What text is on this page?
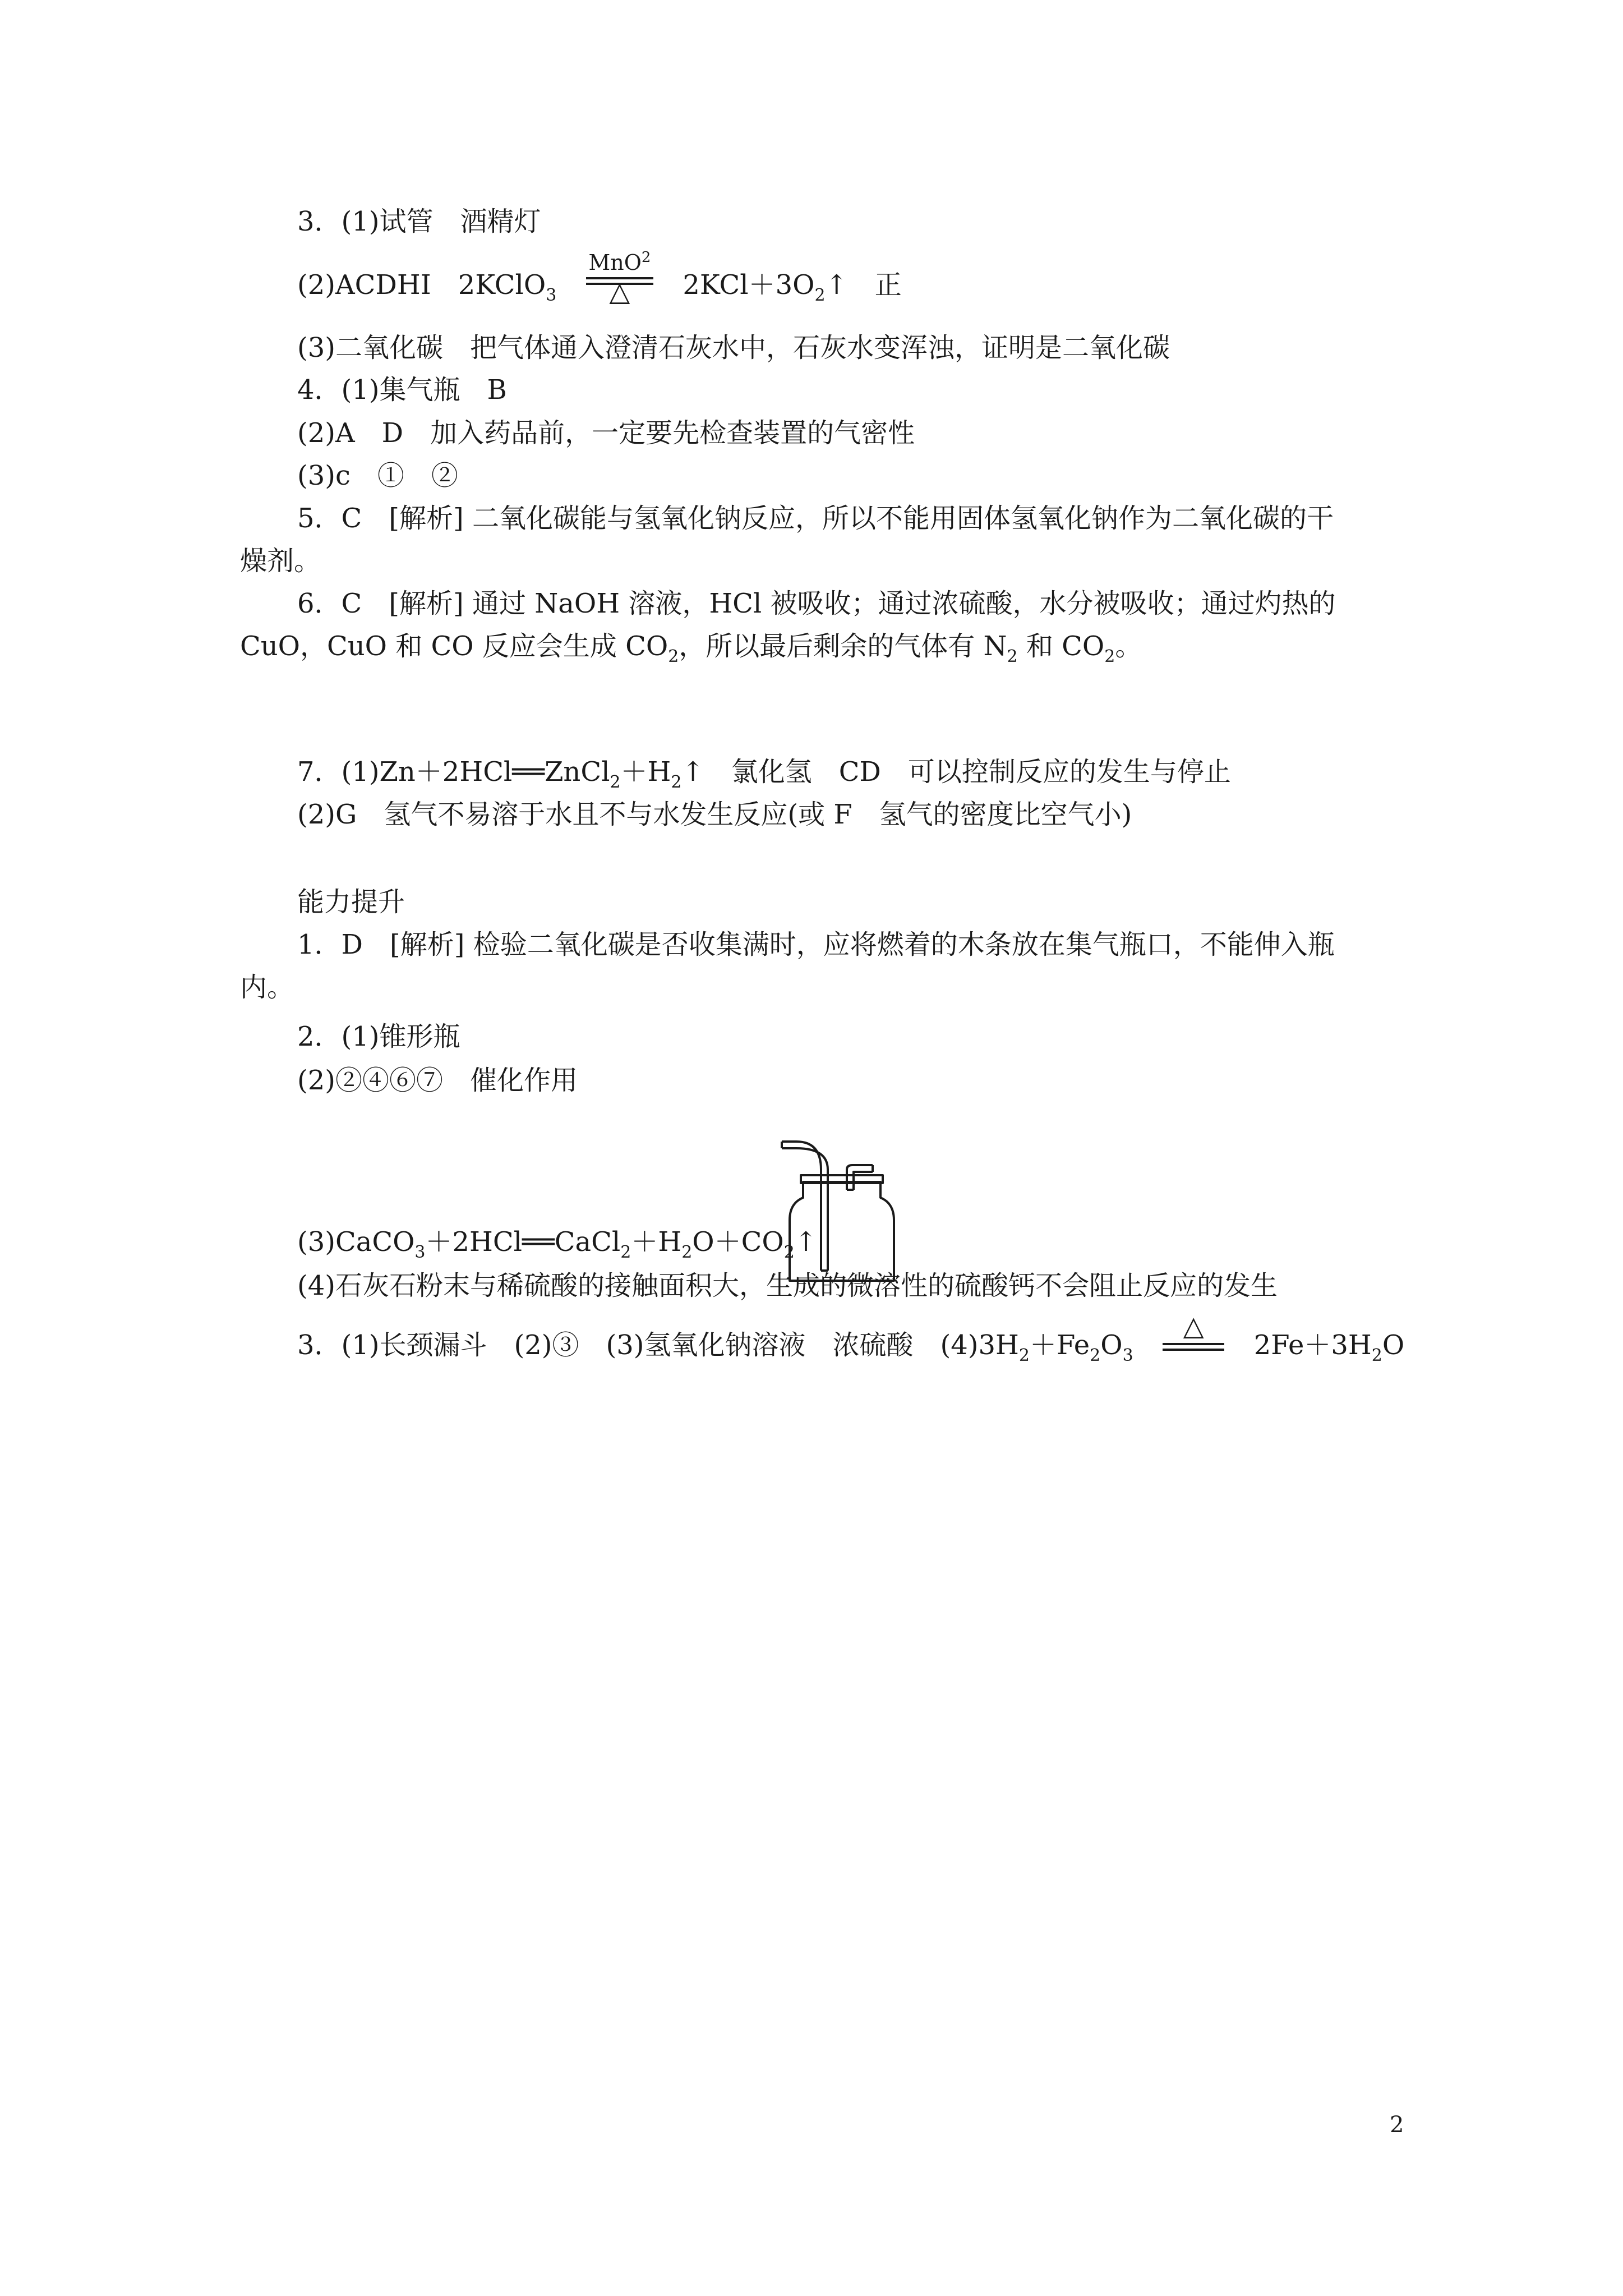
3．(1)试管　酒精灯
(2)ACDHI　2KClO$_3$
MnO$^2$
△	$2KCl+3O_2↑$　正
(3)二氧化碳　把气体通入澄清石灰水中，石灰水变浑浊，证明是二氧化碳
4．(1)集气瓶　B
(2)A　D　加入药品前，一定要先检查装置的气密性
(3)c　①　②
5．C　[解析] 二氧化碳能与氢氧化钠反应，所以不能用固体氢氧化钠作为二氧化碳的干
燥剂。
6．C　[解析] 通过 NaOH 溶液，HCl 被吸收；通过浓硫酸，水分被吸收；通过灼热的
CuO，CuO 和 CO 反应会生成 $CO_2$，所以最后剩余的气体有 $N_2$ 和 $CO_2$。
7．$(1)Zn+2HCl══ZnCl_2+H_2↑$　氯化氢　CD　可以控制反应的发生与停止
(2)G　氢气不易溶于水且不与水发生反应(或 F　氢气的密度比空气小)
能力提升
1．D　[解析] 检验二氧化碳是否收集满时，应将燃着的木条放在集气瓶口，不能伸入瓶
内。
2．(1)锥形瓶
(2)②④⑥⑦　催化作用
$(3)CaCO_3+2HCl══CaCl_2+H_2O+CO_2↑$
(4)石灰石粉末与稀硫酸的接触面积大，生成的微溶性的硫酸钙不会阻止反应的发生
3．(1)长颈漏斗　(2)③　(3)氢氧化钠溶液　浓硫酸　$(4)3H_2+Fe_2O_3$
△
$2Fe+3H_2O$
2
